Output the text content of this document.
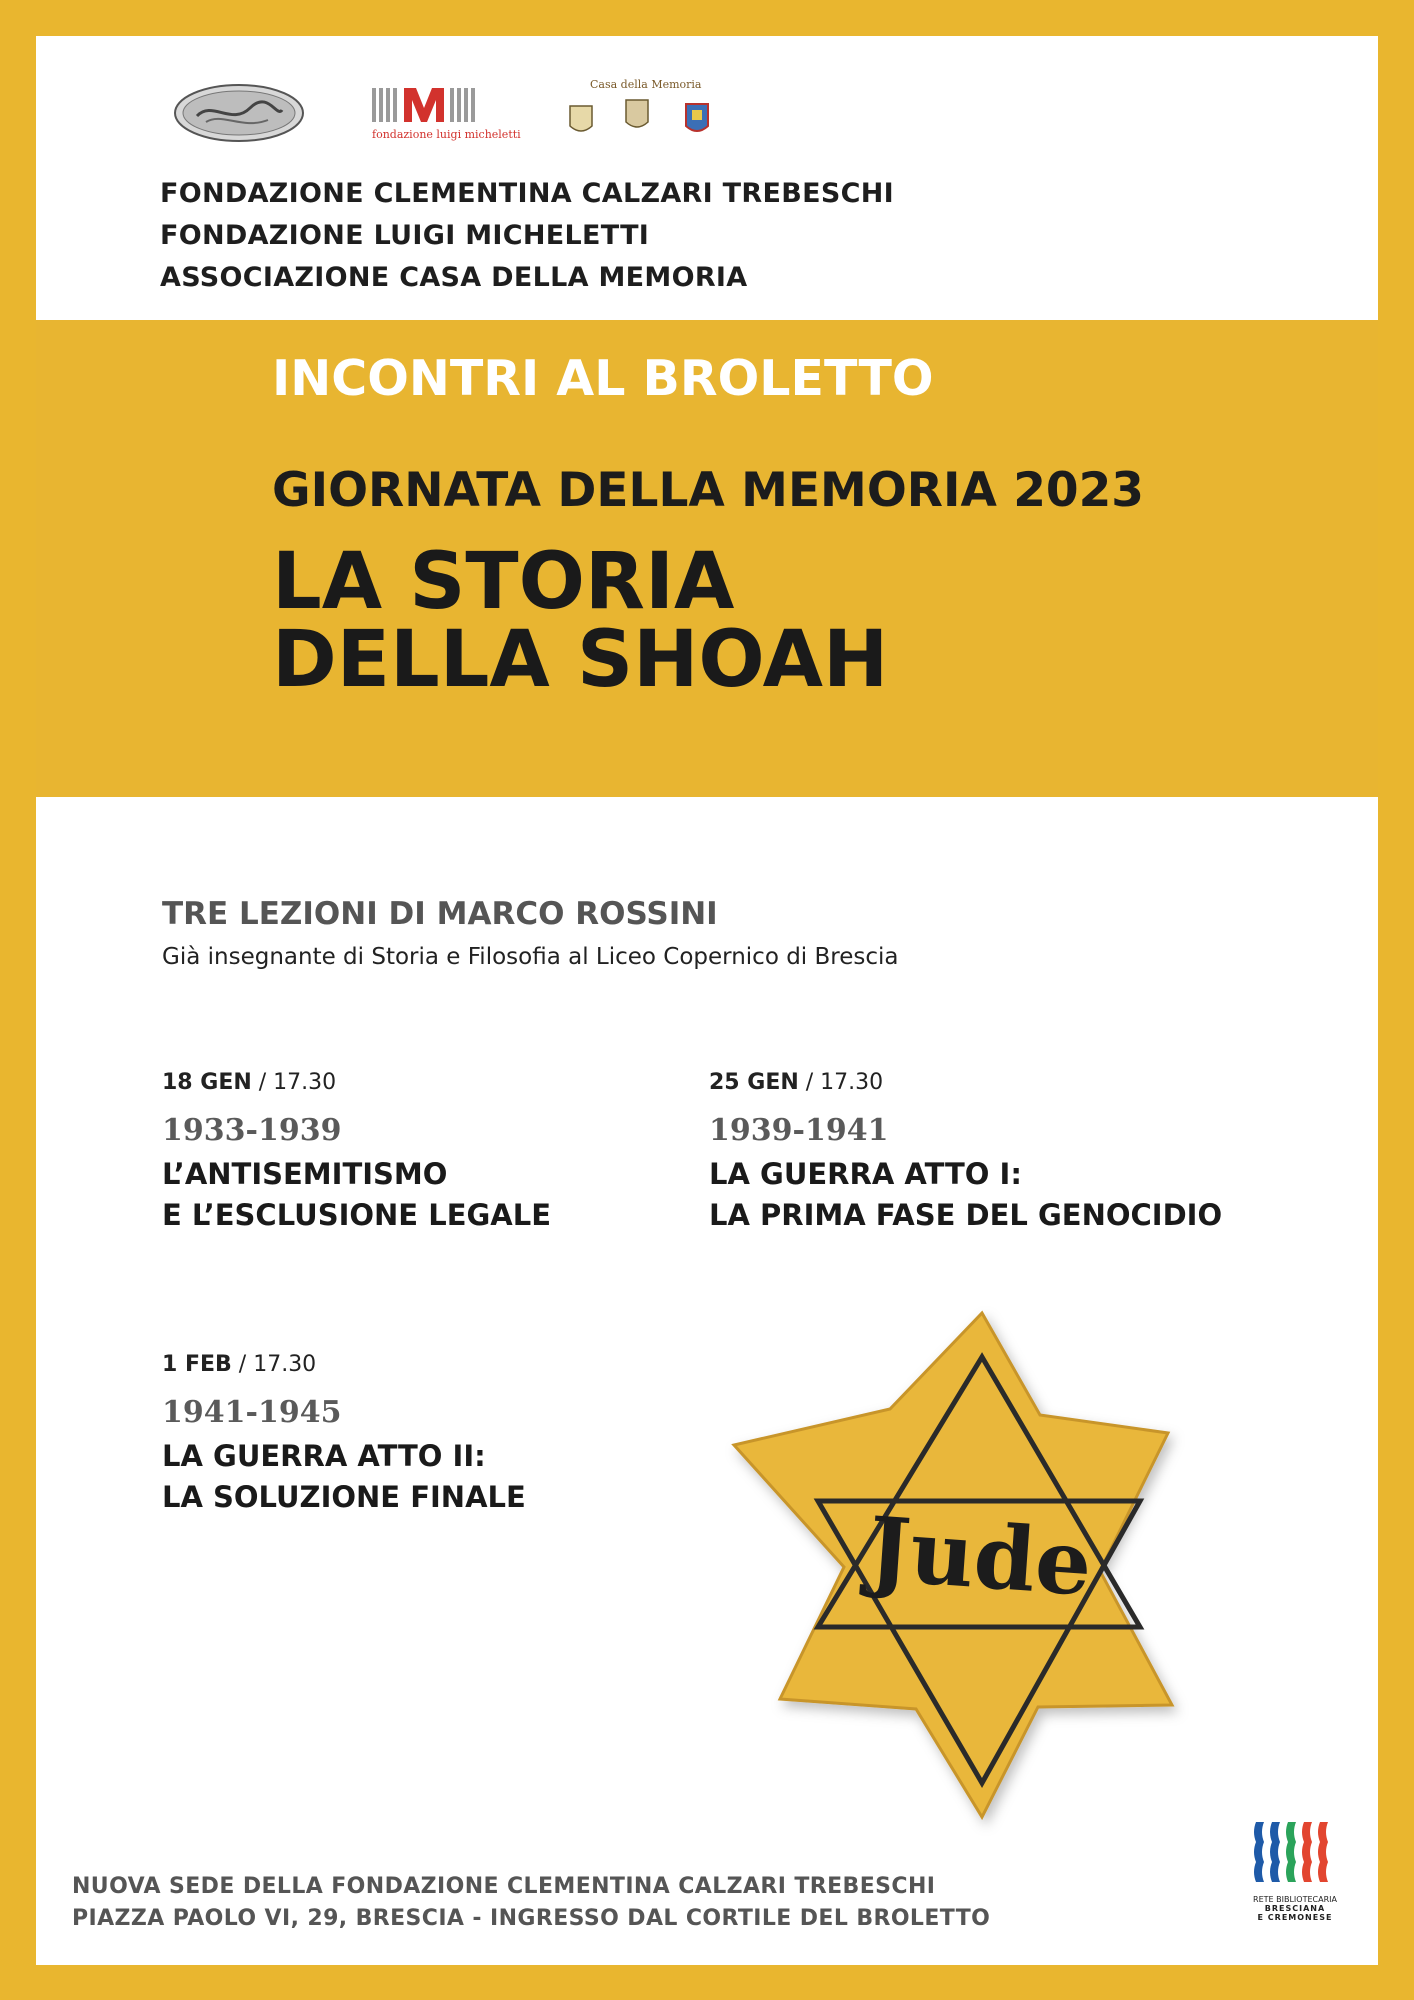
fondazione luigi micheletti
Casa della Memoria
FONDAZIONE CLEMENTINA CALZARI TREBESCHI
FONDAZIONE LUIGI MICHELETTI
ASSOCIAZIONE CASA DELLA MEMORIA
INCONTRI AL BROLETTO
GIORNATA DELLA MEMORIA 2023
LA STORIA
DELLA SHOAH
TRE LEZIONI DI MARCO ROSSINI
Già insegnante di Storia e Filosofia al Liceo Copernico di Brescia
18 GEN / 17.30
1933-1939
L’ANTISEMITISMO
E L’ESCLUSIONE LEGALE
25 GEN / 17.30
1939-1941
LA GUERRA ATTO I:
LA PRIMA FASE DEL GENOCIDIO
1 FEB / 17.30
1941-1945
LA GUERRA ATTO II:
LA SOLUZIONE FINALE	Jude
NUOVA SEDE DELLA FONDAZIONE CLEMENTINA CALZARI TREBESCHI
PIAZZA PAOLO VI, 29, BRESCIA - INGRESSO DAL CORTILE DEL BROLETTO
RETE BIBLIOTECARIA
BRESCIANA
E CREMONESE
